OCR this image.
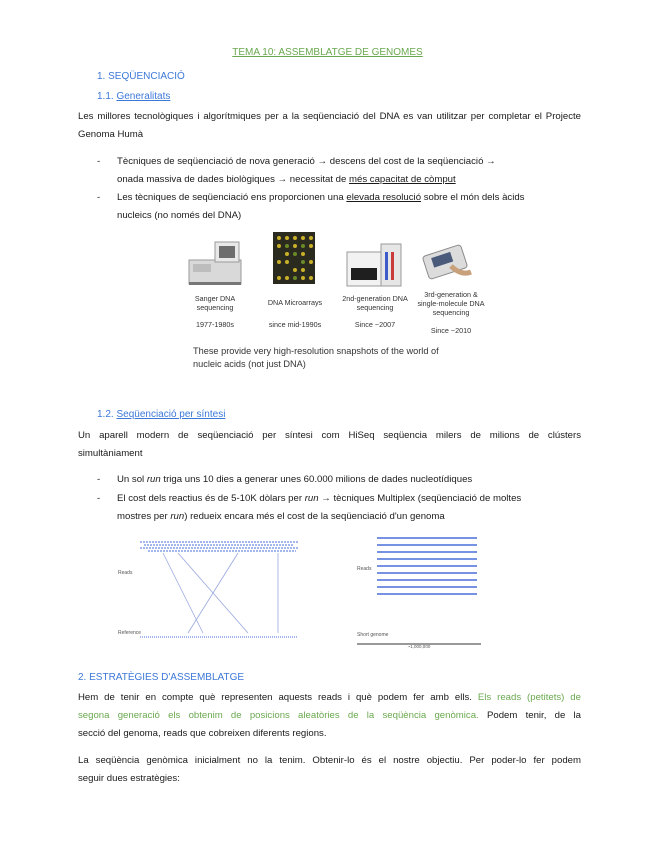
TEMA 10: ASSEMBLATGE DE GENOMES
1. SEQÜENCIACIÓ
1.1. Generalitats
Les millores tecnològiques i algorítmiques per a la seqüenciació del DNA es van utilitzar per completar el Projecte Genoma Humà
- Tècniques de seqüenciació de nova generació → descens del cost de la seqüenciació →
onada massiva de dades biològiques → necessitat de més capacitat de còmput
- Les tècniques de seqüenciació ens proporcionen una elevada resolució sobre el món dels àcids
nucleics (no només del DNA)
Sanger DNA sequencing
DNA Microarrays	2nd-generation DNA sequencing
3rd-generation & single-molecule DNA sequencing
1977-1980s	since mid-1990s	Since ~2007
Since ~2010
These provide very high-resolution snapshots of the world of
nucleic acids (not just DNA)
1.2. Seqüenciació per síntesi
Un aparell modern de seqüenciació per síntesi com HiSeq seqüencia milers de milions de clústers
simultàniament
- Un sol run triga uns 10 dies a generar unes 60.000 milions de dades nucleotídiques
- El cost dels reactius és de 5-10K dòlars per run → tècniques Multiplex (seqüenciació de moltes
mostres per run) redueix encara més el cost de la seqüenciació d'un genoma
Reads
Reference
Reads
Short genome
~1,000,000
2. ESTRATÈGIES D'ASSEMBLATGE
Hem de tenir en compte què representen aquests reads i què podem fer amb ells. Els reads (petitets) de
segona generació els obtenim de posicions aleatòries de la seqüència genòmica. Podem tenir, de la
secció del genoma, reads que cobreixen diferents regions.
La seqüència genòmica inicialment no la tenim. Obtenir-lo és el nostre objectiu. Per poder-lo fer podem
seguir dues estratègies:
